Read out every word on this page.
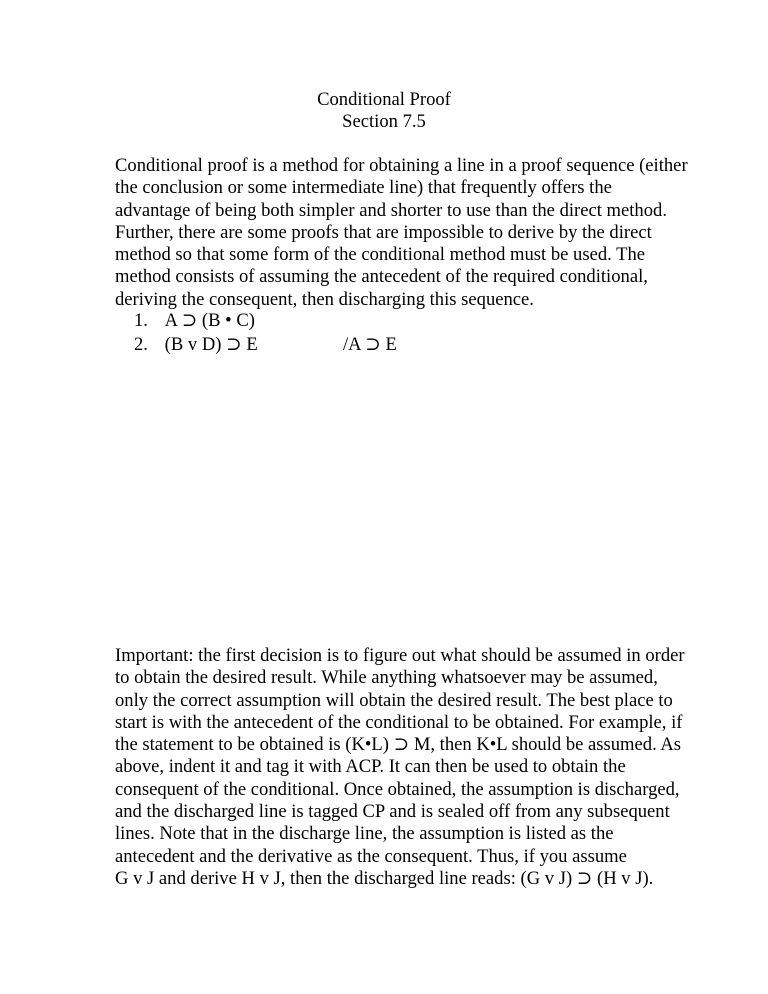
Conditional Proof
Section 7.5
Conditional proof is a method for obtaining a line in a proof sequence (either
the conclusion or some intermediate line) that frequently offers the
advantage of being both simpler and shorter to use than the direct method.
Further, there are some proofs that are impossible to derive by the direct
method so that some form of the conditional method must be used. The
method consists of assuming the antecedent of the required conditional,
deriving the consequent, then discharging this sequence.
1. A ⊃ (B • C)
2. (B v D) ⊃ E	/A ⊃ E
Important: the first decision is to figure out what should be assumed in order
to obtain the desired result. While anything whatsoever may be assumed,
only the correct assumption will obtain the desired result. The best place to
start is with the antecedent of the conditional to be obtained. For example, if
the statement to be obtained is (K•L) ⊃ M, then K•L should be assumed. As
above, indent it and tag it with ACP. It can then be used to obtain the
consequent of the conditional. Once obtained, the assumption is discharged,
and the discharged line is tagged CP and is sealed off from any subsequent
lines. Note that in the discharge line, the assumption is listed as the
antecedent and the derivative as the consequent. Thus, if you assume
G v J and derive H v J, then the discharged line reads: (G v J) ⊃ (H v J).
